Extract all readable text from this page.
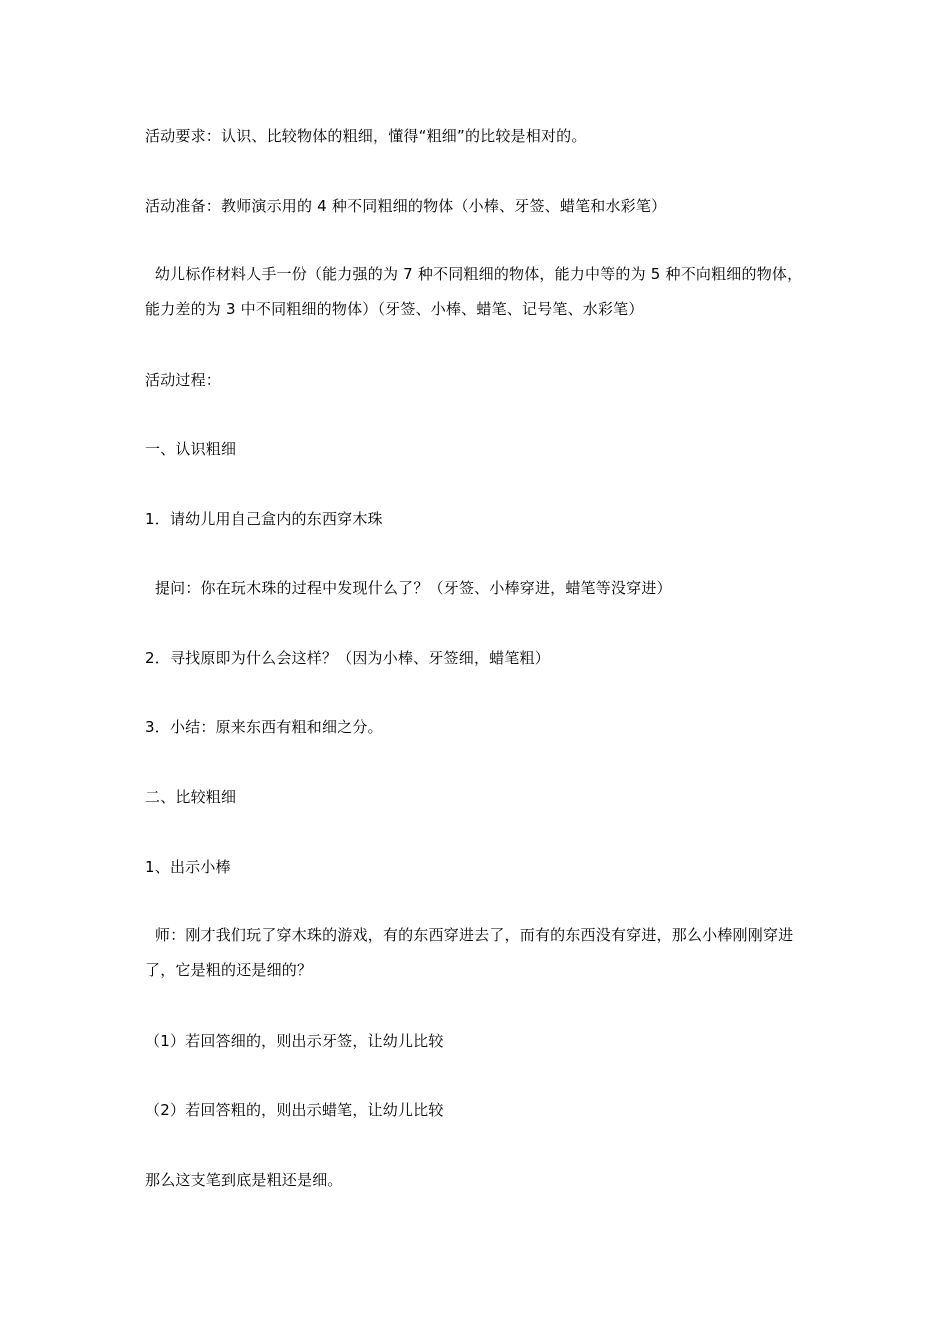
活动要求：认识、比较物体的粗细，懂得“粗细”的比较是相对的。
活动准备：教师演示用的 4 种不同粗细的物体（小棒、牙签、蜡笔和水彩笔）
幼儿标作材料人手一份（能力强的为 7 种不同粗细的物体，能力中等的为 5 种不向粗细的物体，能力差的为 3 中不同粗细的物体）（牙签、小棒、蜡笔、记号笔、水彩笔）
活动过程：
一、认识粗细
1．请幼儿用自己盒内的东西穿木珠
提问：你在玩木珠的过程中发现什么了？（牙签、小棒穿进，蜡笔等没穿进）
2．寻找原即为什么会这样？（因为小棒、牙签细，蜡笔粗）
3．小结：原来东西有粗和细之分。
二、比较粗细
1、出示小棒
师：刚才我们玩了穿木珠的游戏，有的东西穿进去了，而有的东西没有穿进，那么小棒刚刚穿进了，它是粗的还是细的？
（1）若回答细的，则出示牙签，让幼儿比较
（2）若回答粗的，则出示蜡笔，让幼儿比较
那么这支笔到底是粗还是细。
